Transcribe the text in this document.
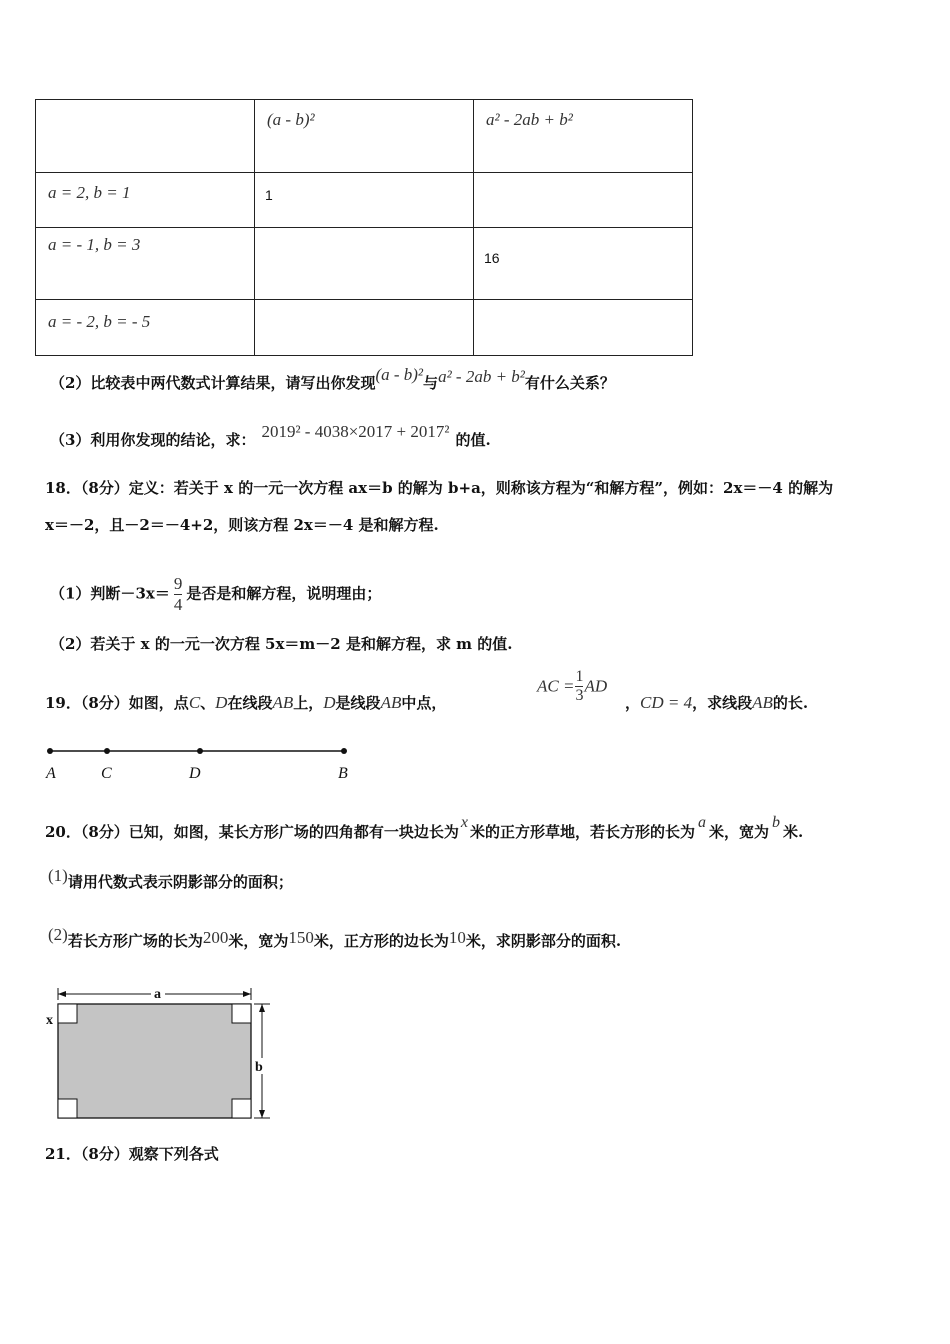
	(a - b)²	a² - 2ab + b²

a = 2, b = 1	1	

a = - 1, b = 3		16

a = - 2, b = - 5		

（2）比较表中两代数式计算结果，请写出你发现(a - b)²与a² - 2ab + b²有什么关系？
（3）利用你发现的结论，求： 2019² - 4038×2017 + 2017² 的值.
18．（8分）定义：若关于 x 的一元一次方程 ax＝b 的解为 b+a，则称该方程为“和解方程”，例如：2x＝－4 的解为
x＝－2，且－2＝－4+2，则该方程 2x＝－4 是和解方程.
（1）判断$-3x= \frac{9}{4}$ 是否是和解方程，说明理由；
（2）若关于 x 的一元一次方程 5x＝m－2 是和解方程，求 m 的值.
19．（8分）如图，点C、D在线段AB上，D是线段AB中点，
AC = $\frac{1}{3}$ AD
，CD = 4，求线段AB的长.
A	C	D	B
20．（8分）已知，如图，某长方形广场的四角都有一块边长为x米的正方形草地，若长方形的长为a米，宽为b米.
(1)请用代数式表示阴影部分的面积；
(2)若长方形广场的长为200米，宽为150米，正方形的边长为10米，求阴影部分的面积.
a
b
x
21．（8分）观察下列各式
